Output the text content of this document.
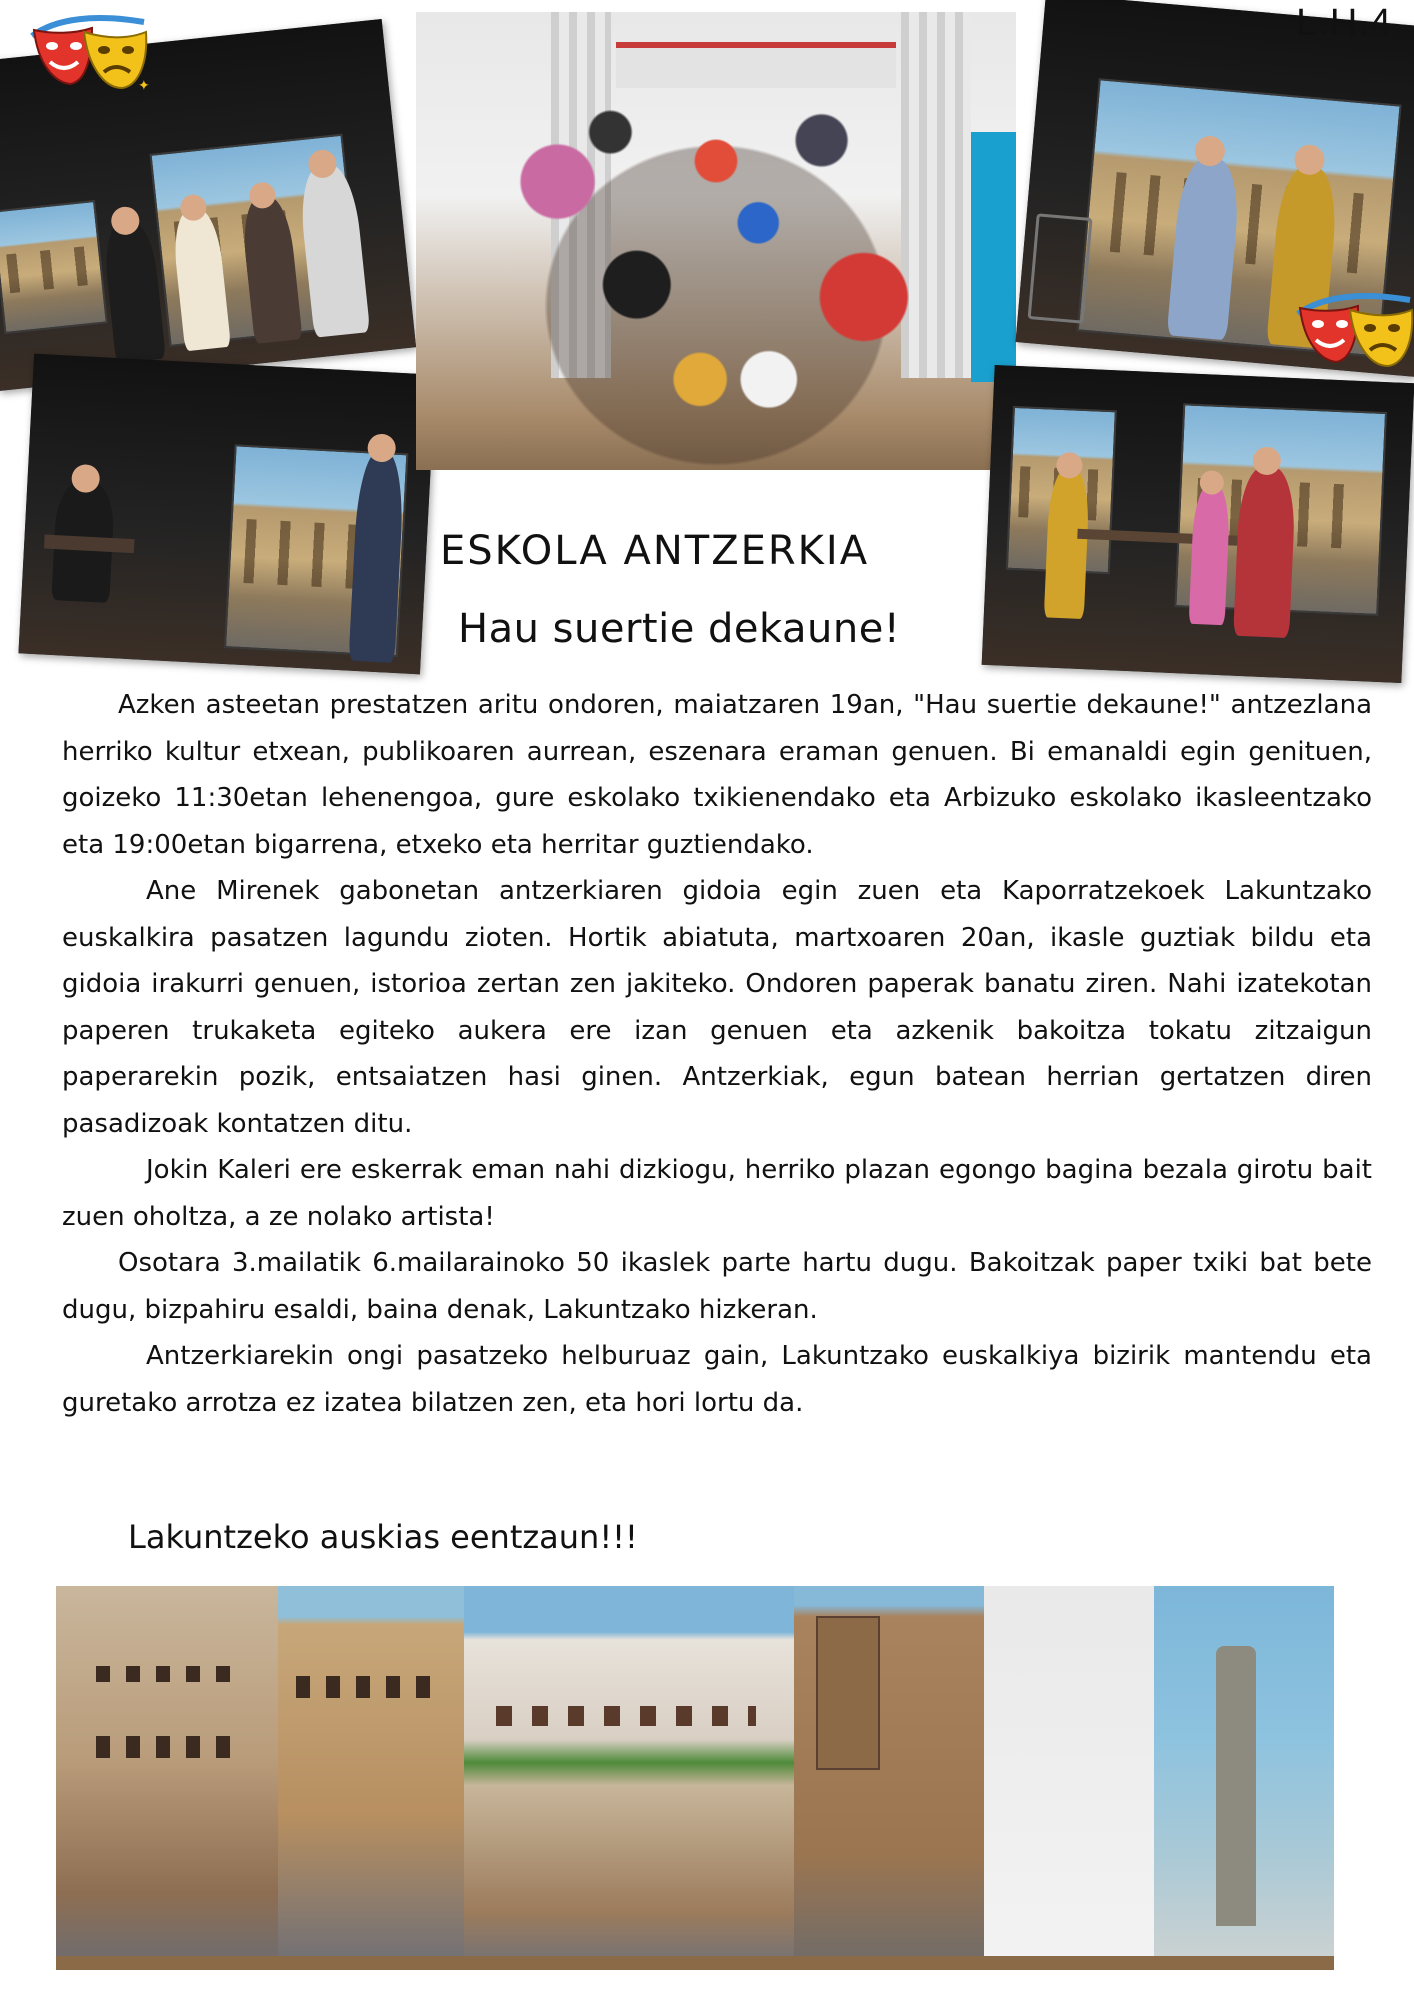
✦
L.H.4
ESKOLA ANTZERKIA
Hau suertie dekaune!

Azken asteetan prestatzen aritu ondoren, maiatzaren 19an, "Hau suertie dekaune!" antzezlana herriko kultur etxean, publikoaren aurrean, eszenara eraman genuen. Bi emanaldi egin genituen, goizeko 11:30etan lehenengoa, gure eskolako txikienendako eta Arbizuko eskolako ikasleentzako eta 19:00etan bigarrena, etxeko eta herritar guztiendako.

Ane Mirenek gabonetan antzerkiaren gidoia egin zuen eta Kaporratzekoek Lakuntzako euskalkira pasatzen lagundu zioten. Hortik abiatuta, martxoaren 20an, ikasle guztiak bildu eta gidoia irakurri genuen, istorioa zertan zen jakiteko. Ondoren paperak banatu ziren. Nahi izatekotan paperen trukaketa egiteko aukera ere izan genuen eta azkenik bakoitza tokatu zitzaigun paperarekin pozik, entsaiatzen hasi ginen. Antzerkiak, egun batean herrian gertatzen diren pasadizoak kontatzen ditu.

Jokin Kaleri ere eskerrak eman nahi dizkiogu, herriko plazan egongo bagina bezala girotu bait zuen oholtza, a ze nolako artista!

Osotara 3.mailatik 6.mailarainoko 50 ikaslek parte hartu dugu. Bakoitzak paper txiki bat bete dugu, bizpahiru esaldi, baina denak, Lakuntzako hizkeran.

Antzerkiarekin ongi pasatzeko helburuaz gain, Lakuntzako euskalkiya bizirik mantendu eta guretako arrotza ez izatea bilatzen zen, eta hori lortu da.

Lakuntzeko auskias eentzaun!!!
